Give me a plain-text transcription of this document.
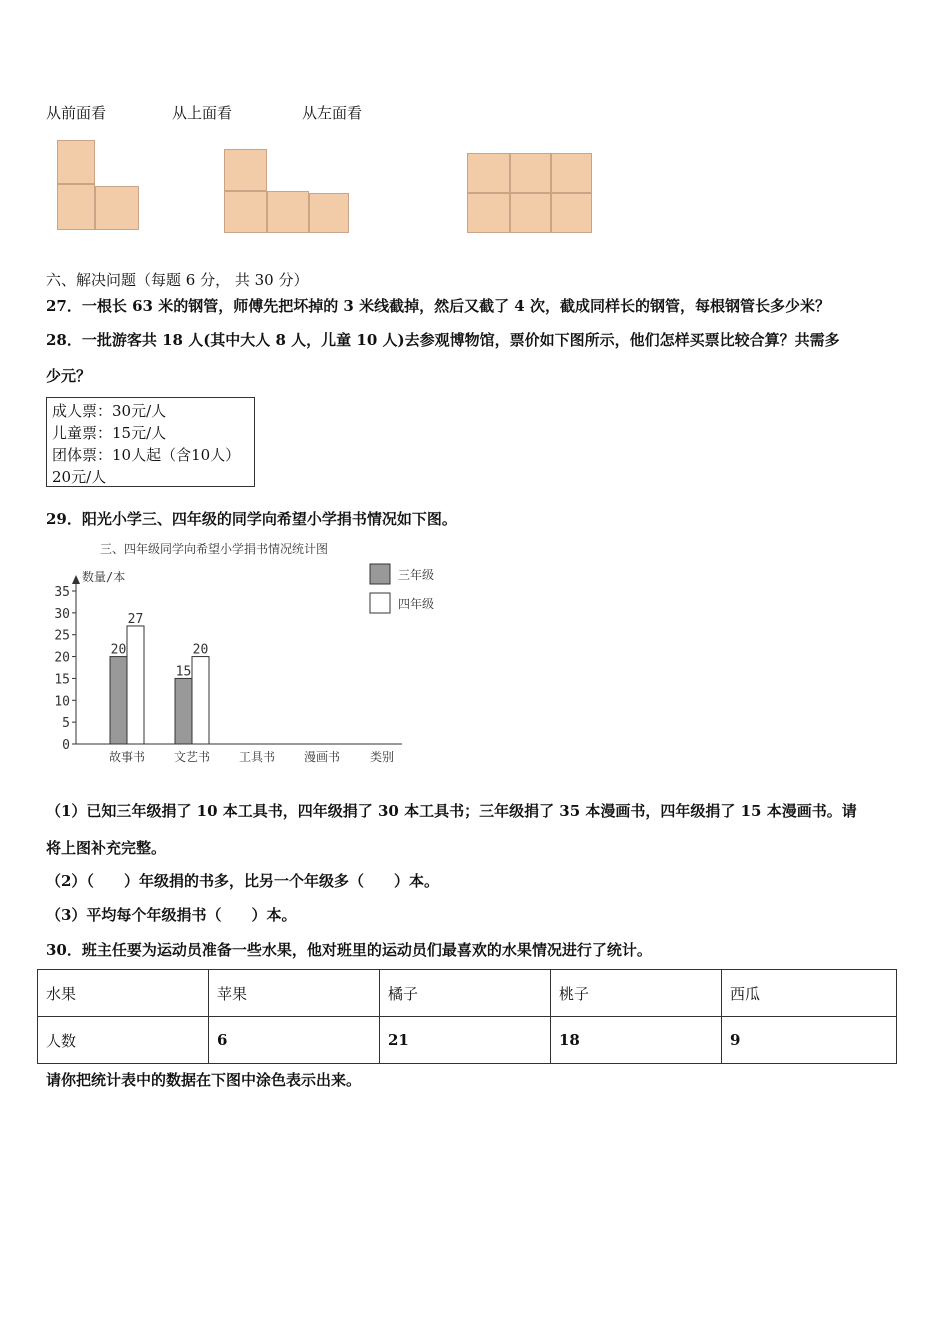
从前面看	从上面看	从左面看
六、解决问题（每题 6 分， 共 30 分）
27．一根长 63 米的钢管，师傅先把坏掉的 3 米线截掉，然后又截了 4 次，截成同样长的钢管，每根钢管长多少米？
28．一批游客共 18 人(其中大人 8 人，儿童 10 人)去参观博物馆，票价如下图所示，他们怎样买票比较合算？共需多
少元？
成人票：30元/人
儿童票：15元/人
团体票：10人起（含10人）
20元/人
29．阳光小学三、四年级的同学向希望小学捐书情况如下图。
三、四年级同学向希望小学捐书情况统计图
数量/本
类别
三年级
四年级
0
5
10
15
20
25
30
35
20
15
27
20
故事书 文艺书 工具书 漫画书
（1）已知三年级捐了 10 本工具书，四年级捐了 30 本工具书；三年级捐了 35 本漫画书，四年级捐了 15 本漫画书。请
将上图补充完整。
（2）（　　）年级捐的书多，比另一个年级多（　　）本。
（3）平均每个年级捐书（　　）本。
30．班主任要为运动员准备一些水果，他对班里的运动员们最喜欢的水果情况进行了统计。
水果	苹果	橘子	桃子	西瓜
人数	6	21	18	9
请你把统计表中的数据在下图中涂色表示出来。
